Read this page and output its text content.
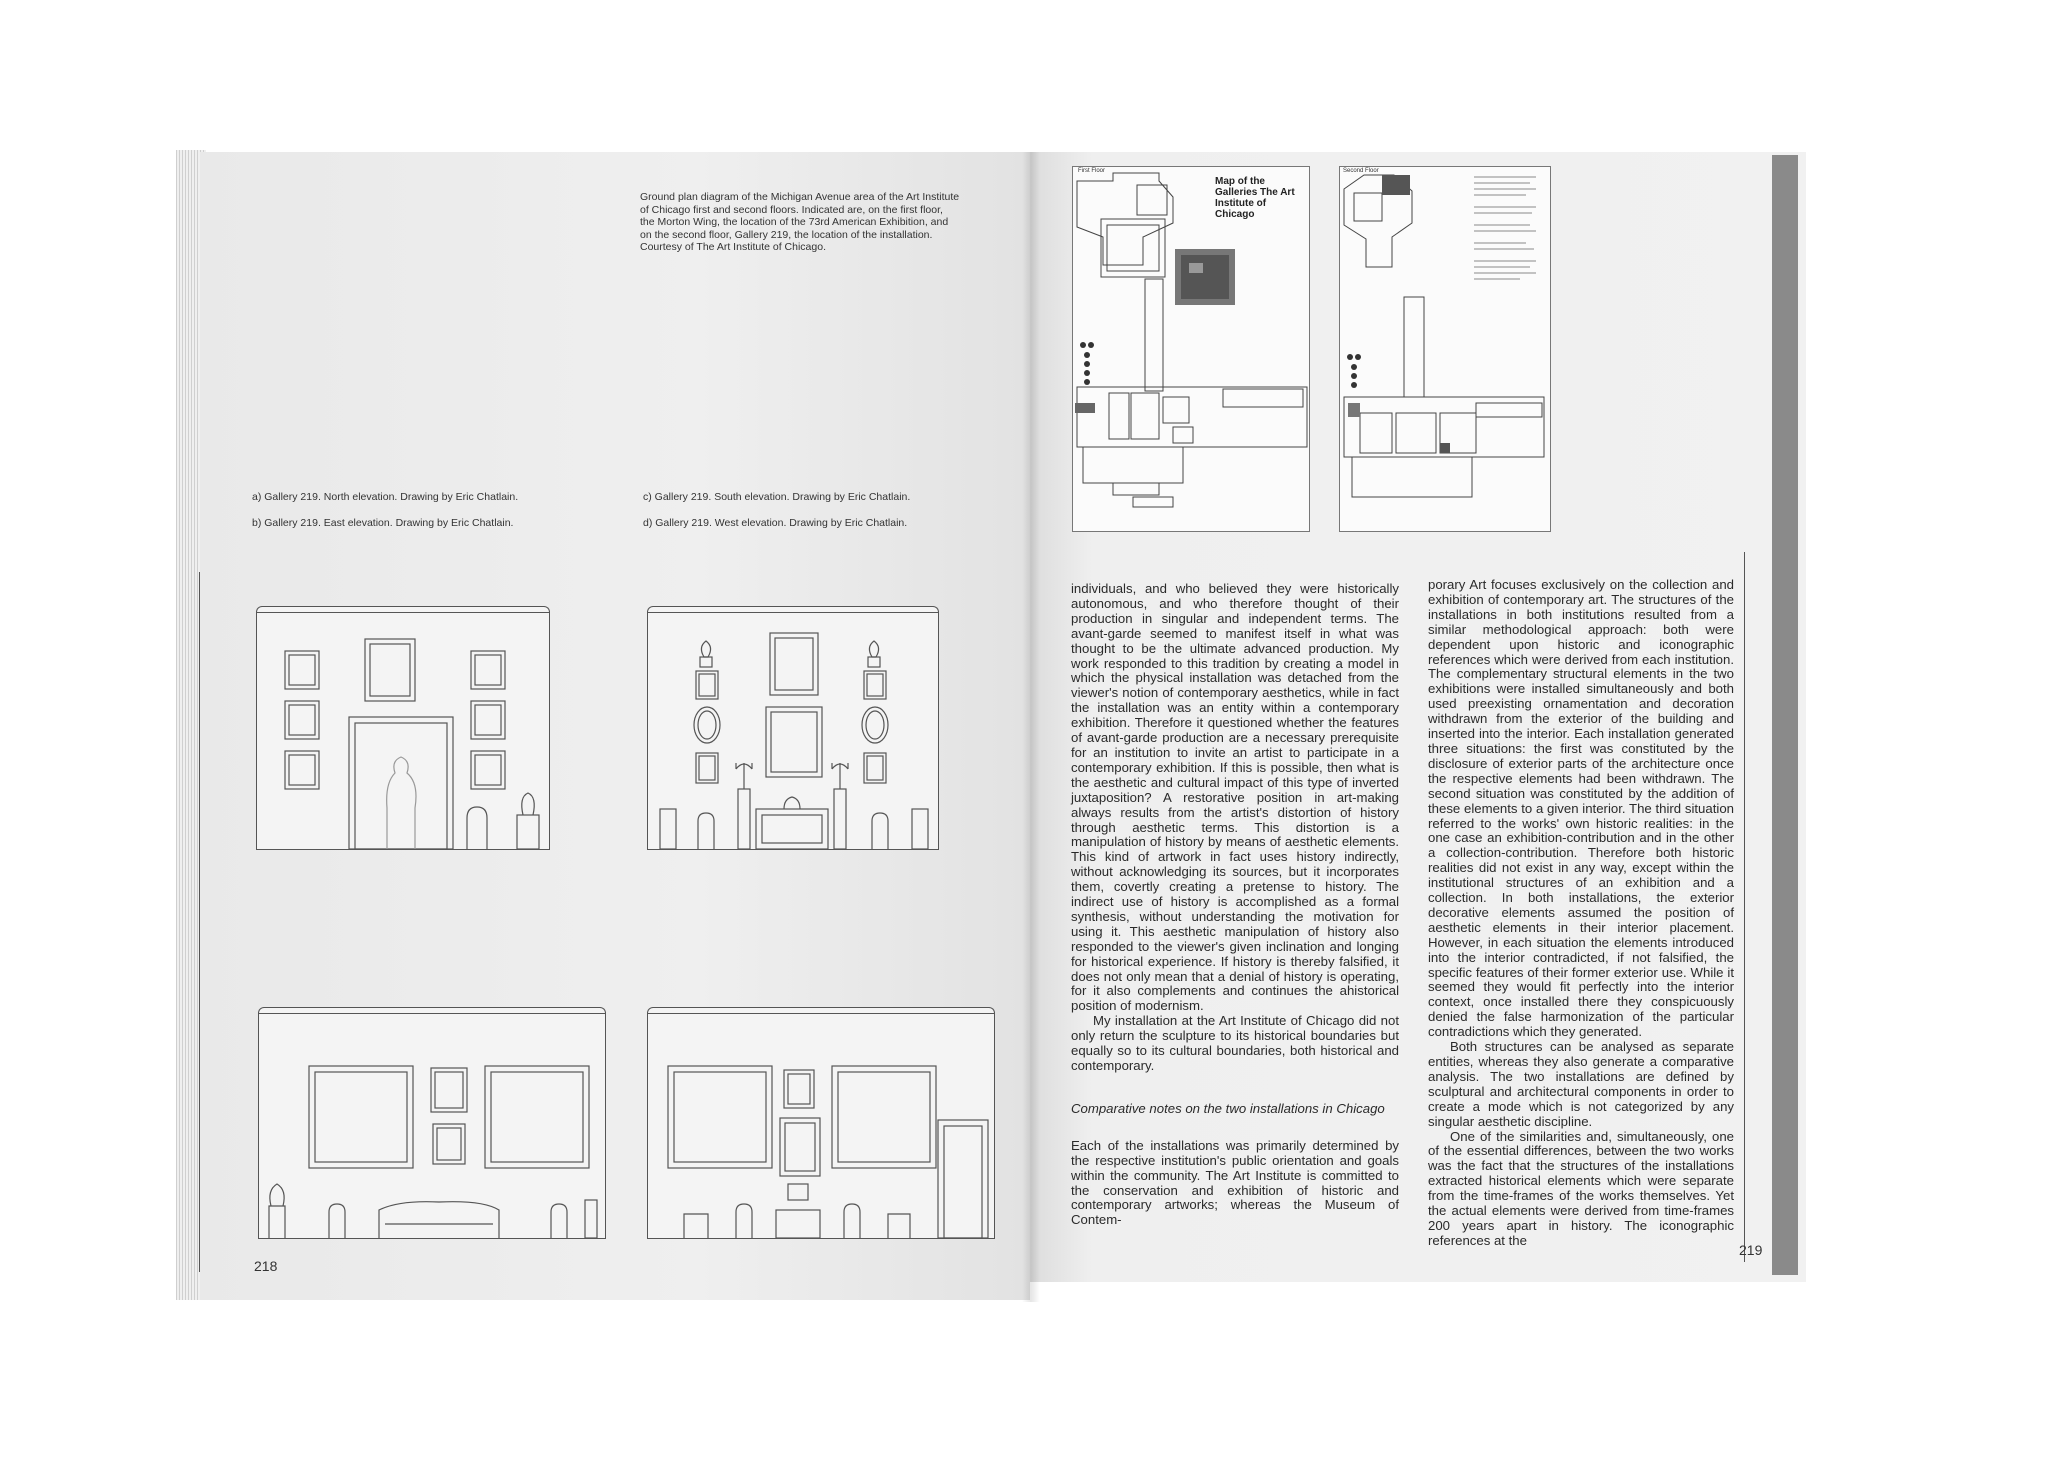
Ground plan diagram of the Michigan Avenue area of the Art Institute of Chicago first and second floors. Indicated are, on the first floor, the Morton Wing, the location of the 73rd American Exhibition, and on the second floor, Gallery 219, the location of the installation. Courtesy of The Art Institute of Chicago.
a) Gallery 219. North elevation. Drawing by Eric Chatlain.
b) Gallery 219. East elevation. Drawing by Eric Chatlain.
c) Gallery 219. South elevation. Drawing by Eric Chatlain.
d) Gallery 219. West elevation. Drawing by Eric Chatlain.
218
First Floor
Map of the Galleries The Art Institute of Chicago
Second Floor

individuals, and who believed they were historically autonomous, and who therefore thought of their production in singular and independent terms. The avant-garde seemed to manifest itself in what was thought to be the ultimate advanced production. My work responded to this tradition by creating a model in which the physical installation was detached from the viewer's notion of contemporary aesthetics, while in fact the installation was an entity within a contemporary exhibition. Therefore it questioned whether the features of avant-garde production are a necessary prerequisite for an institution to invite an artist to participate in a contemporary exhibition. If this is possible, then what is the aesthetic and cultural impact of this type of inverted juxtaposition? A restorative position in art-making always results from the artist's distortion of history through aesthetic terms. This distortion is a manipulation of history by means of aesthetic elements. This kind of artwork in fact uses history indirectly, without acknowledging its sources, but it incorporates them, covertly creating a pretense to history. The indirect use of history is accomplished as a formal synthesis, without understanding the motivation for using it. This aesthetic manipulation of history also responded to the viewer's given inclination and longing for historical experience. If history is thereby falsified, it does not only mean that a denial of history is operating, for it also complements and continues the ahistorical position of modernism.

My installation at the Art Institute of Chicago did not only return the sculpture to its historical boundaries but equally so to its cultural boundaries, both historical and contemporary.

Comparative notes on the two installations in Chicago

Each of the installations was primarily determined by the respective institution's public orientation and goals within the community. The Art Institute is committed to the conservation and exhibition of historic and contemporary artworks; whereas the Museum of Contem-

porary Art focuses exclusively on the collection and exhibition of contemporary art. The structures of the installations in both institutions resulted from a similar methodological approach: both were dependent upon historic and iconographic references which were derived from each institution. The complementary structural elements in the two exhibitions were installed simultaneously and both used preexisting ornamentation and decoration withdrawn from the exterior of the building and inserted into the interior. Each installation generated three situations: the first was constituted by the disclosure of exterior parts of the architecture once the respective elements had been withdrawn. The second situation was constituted by the addition of these elements to a given interior. The third situation referred to the works' own historic realities: in the one case an exhibition-contribution and in the other a collection-contribution. Therefore both historic realities did not exist in any way, except within the institutional structures of an exhibition and a collection. In both installations, the exterior decorative elements assumed the position of aesthetic elements in their interior placement. However, in each situation the elements introduced into the interior contradicted, if not falsified, the specific features of their former exterior use. While it seemed they would fit perfectly into the interior context, once installed there they conspicuously denied the false harmonization of the particular contradictions which they generated.

Both structures can be analysed as separate entities, whereas they also generate a comparative analysis. The two installations are defined by sculptural and architectural components in order to create a mode which is not categorized by any singular aesthetic discipline.

One of the similarities and, simultaneously, one of the essential differences, between the two works was the fact that the structures of the installations extracted historical elements which were separate from the time-frames of the works themselves. Yet the actual elements were derived from time-frames 200 years apart in history. The iconographic references at the

219
